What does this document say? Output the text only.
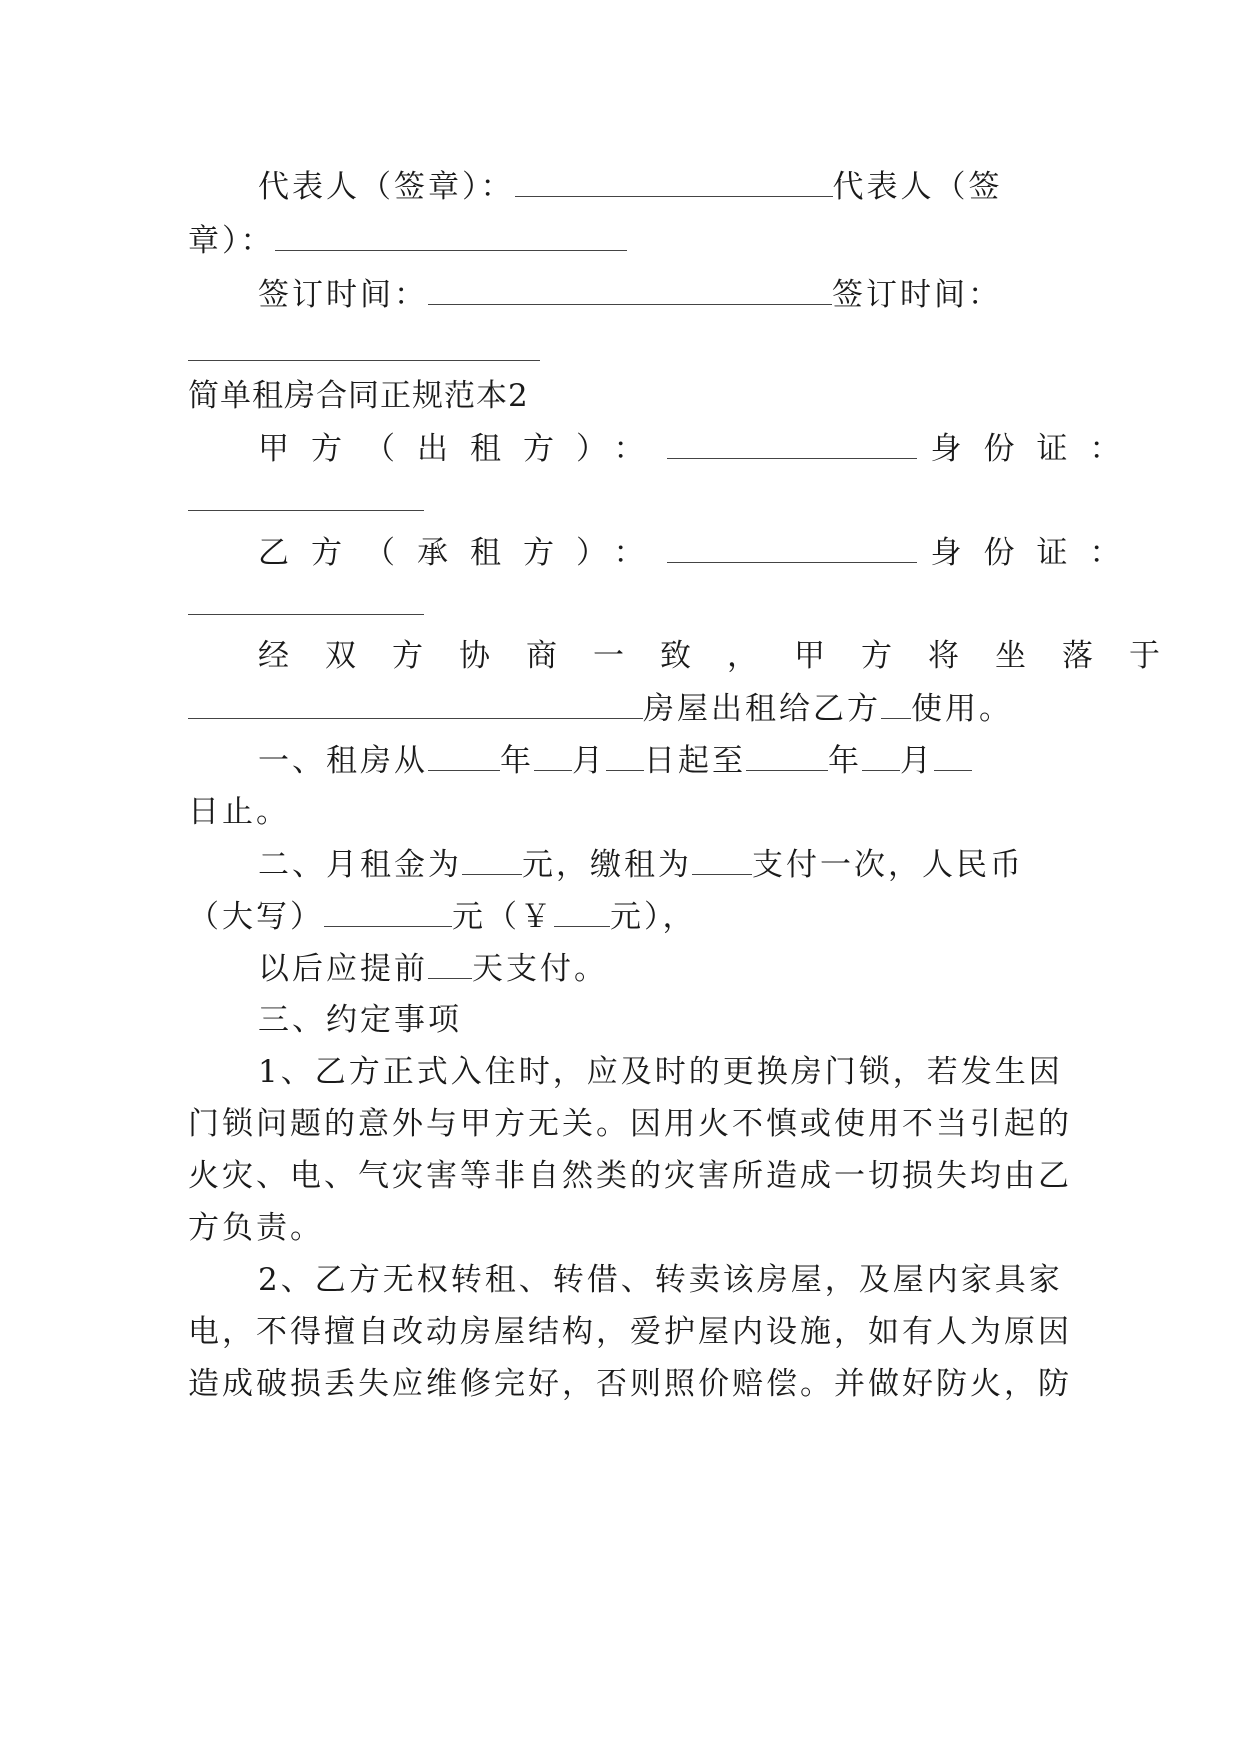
代表人（签章）：	代表人（签
章）：
签订时间：	签订时间：
简单租房合同正规范本2
甲方（出租方）：	身份证：
乙方（承租方）：	身份证：
经双方协商一致，甲方将坐落于
房屋出租给乙方 使用。
一、租房从 年 月 日起至	年 月
日止。
二、月租金为 元，缴租为 支付一次，人民币
（大写）	元（￥ 元），
以后应提前 天支付。
三、约定事项
1、乙方正式入住时，应及时的更换房门锁，若发生因
门锁问题的意外与甲方无关。因用火不慎或使用不当引起的
火灾、电、气灾害等非自然类的灾害所造成一切损失均由乙
方负责。
2、乙方无权转租、转借、转卖该房屋，及屋内家具家
电，不得擅自改动房屋结构，爱护屋内设施，如有人为原因
造成破损丢失应维修完好，否则照价赔偿。并做好防火，防
